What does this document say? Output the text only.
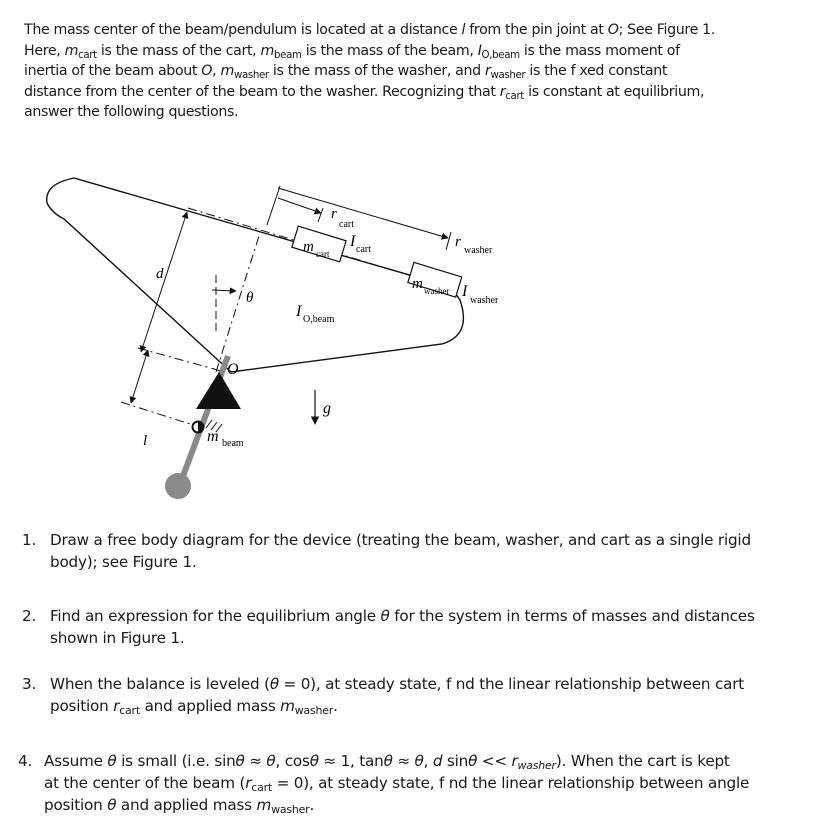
The mass center of the beam/pendulum is located at a distance l from the pin joint at O; See Figure 1.
Here, $m_{cart}$ is the mass of the cart, $m_{beam}$ is the mass of the beam, $I_{O,beam}$ is the mass moment of
inertia of the beam about O, $m_{washer}$ is the mass of the washer, and $r_{washer}$ is the f xed constant
distance from the center of the beam to the washer. Recognizing that $r_{cart}$ is constant at equilibrium,
answer the following questions.
d
l
θ
O
m beam
r
cart
I cart
m cart
r
washer
m washer I
washer
I O,beam
g
1. Draw a free body diagram for the device (treating the beam, washer, and cart as a single rigid
body); see Figure 1.
2. Find an expression for the equilibrium angle θ for the system in terms of masses and distances
shown in Figure 1.
3. When the balance is leveled (θ = 0), at steady state, f nd the linear relationship between cart
position $r_{cart}$ and applied mass $m_{washer}$.
4. Assume θ is small (i.e. sinθ ≈ θ, cosθ ≈ 1, tanθ ≈ θ, d $\sin\theta << r_{washer}$). When the cart is kept
at the center of the beam $(r_{cart} = 0)$, at steady state, f nd the linear relationship between angle
position θ and applied mass $m_{washer}$.
